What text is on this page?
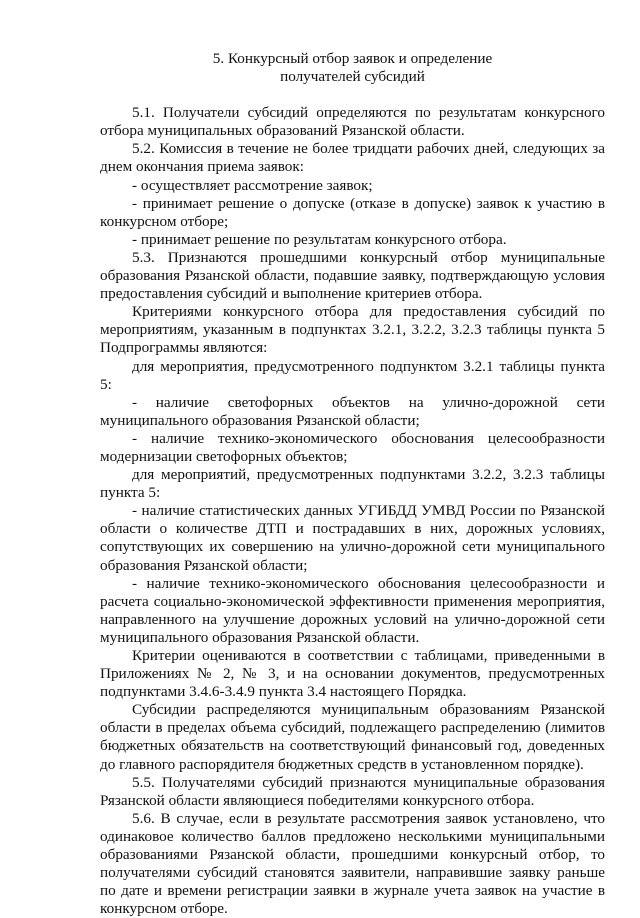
5. Конкурсный отбор заявок и определение
получателей субсидий

5.1. Получатели субсидий определяются по результатам конкурсного отбора муниципальных образований Рязанской области.

5.2. Комиссия в течение не более тридцати рабочих дней, следующих за днем окончания приема заявок:

- осуществляет рассмотрение заявок;

- принимает решение о допуске (отказе в допуске) заявок к участию в конкурсном отборе;

- принимает решение по результатам конкурсного отбора.

5.3. Признаются прошедшими конкурсный отбор муниципальные образования Рязанской области, подавшие заявку, подтверждающую условия предоставления субсидий и выполнение критериев отбора.

Критериями конкурсного отбора для предоставления субсидий по мероприятиям, указанным в подпунктах 3.2.1, 3.2.2, 3.2.3 таблицы пункта 5 Подпрограммы являются:

для мероприятия, предусмотренного подпунктом 3.2.1 таблицы пункта 5:

- наличие светофорных объектов на улично-дорожной сети муниципального образования Рязанской области;

- наличие технико-экономического обоснования целесообразности модернизации светофорных объектов;

для мероприятий, предусмотренных подпунктами 3.2.2, 3.2.3 таблицы пункта 5:

- наличие статистических данных УГИБДД УМВД России по Рязанской области о количестве ДТП и пострадавших в них, дорожных условиях, сопутствующих их совершению на улично-дорожной сети муниципального образования Рязанской области;

- наличие технико-экономического обоснования целесообразности и расчета социально-экономической эффективности применения мероприятия, направленного на улучшение дорожных условий на улично-дорожной сети муниципального образования Рязанской области.

Критерии оцениваются в соответствии с таблицами, приведенными в Приложениях № 2, № 3, и на основании документов, предусмотренных подпунктами 3.4.6-3.4.9 пункта 3.4 настоящего Порядка.

Субсидии распределяются муниципальным образованиям Рязанской области в пределах объема субсидий, подлежащего распределению (лимитов бюджетных обязательств на соответствующий финансовый год, доведенных до главного распорядителя бюджетных средств в установленном порядке).

5.5. Получателями субсидий признаются муниципальные образования Рязанской области являющиеся победителями конкурсного отбора.

5.6. В случае, если в результате рассмотрения заявок установлено, что одинаковое количество баллов предложено несколькими муниципальными образованиями Рязанской области, прошедшими конкурсный отбор, то получателями субсидий становятся заявители, направившие заявку раньше по дате и времени регистрации заявки в журнале учета заявок на участие в конкурсном отборе.
